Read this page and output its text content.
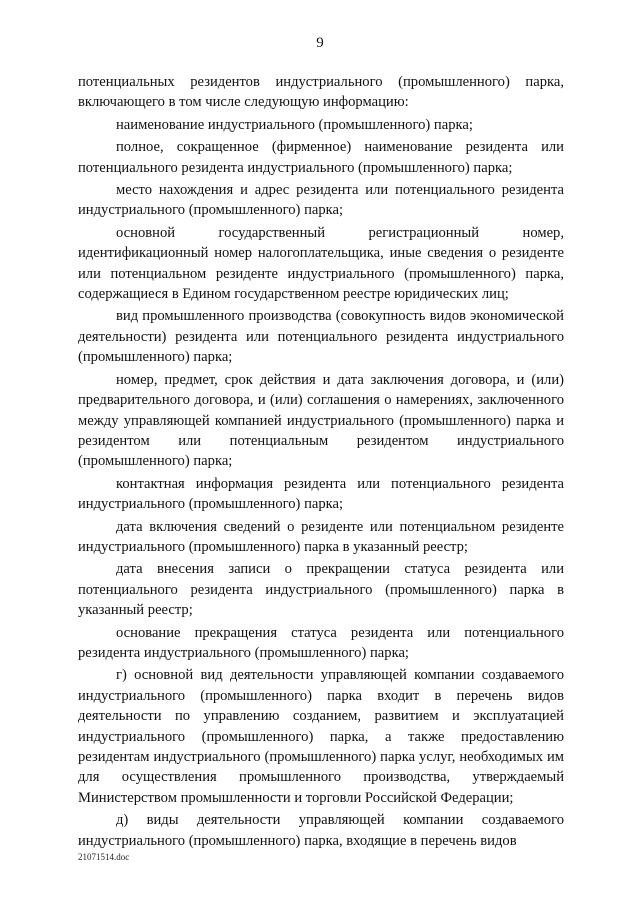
9

потенциальных резидентов индустриального (промышленного) парка, включающего в том числе следующую информацию:

наименование индустриального (промышленного) парка;

полное, сокращенное (фирменное) наименование резидента или потенциального резидента индустриального (промышленного) парка;

место нахождения и адрес резидента или потенциального резидента индустриального (промышленного) парка;

основной государственный регистрационный номер, идентификационный номер налогоплательщика, иные сведения о резиденте или потенциальном резиденте индустриального (промышленного) парка, содержащиеся в Едином государственном реестре юридических лиц;

вид промышленного производства (совокупность видов экономической деятельности) резидента или потенциального резидента индустриального (промышленного) парка;

номер, предмет, срок действия и дата заключения договора, и (или) предварительного договора, и (или) соглашения о намерениях, заключенного между управляющей компанией индустриального (промышленного) парка и резидентом или потенциальным резидентом индустриального (промышленного) парка;

контактная информация резидента или потенциального резидента индустриального (промышленного) парка;

дата включения сведений о резиденте или потенциальном резиденте индустриального (промышленного) парка в указанный реестр;

дата внесения записи о прекращении статуса резидента или потенциального резидента индустриального (промышленного) парка в указанный реестр;

основание прекращения статуса резидента или потенциального резидента индустриального (промышленного) парка;

г) основной вид деятельности управляющей компании создаваемого индустриального (промышленного) парка входит в перечень видов деятельности по управлению созданием, развитием и эксплуатацией индустриального (промышленного) парка, а также предоставлению резидентам индустриального (промышленного) парка услуг, необходимых им для осуществления промышленного производства, утверждаемый Министерством промышленности и торговли Российской Федерации;

д) виды деятельности управляющей компании создаваемого индустриального (промышленного) парка, входящие в перечень видов

21071514.doc
